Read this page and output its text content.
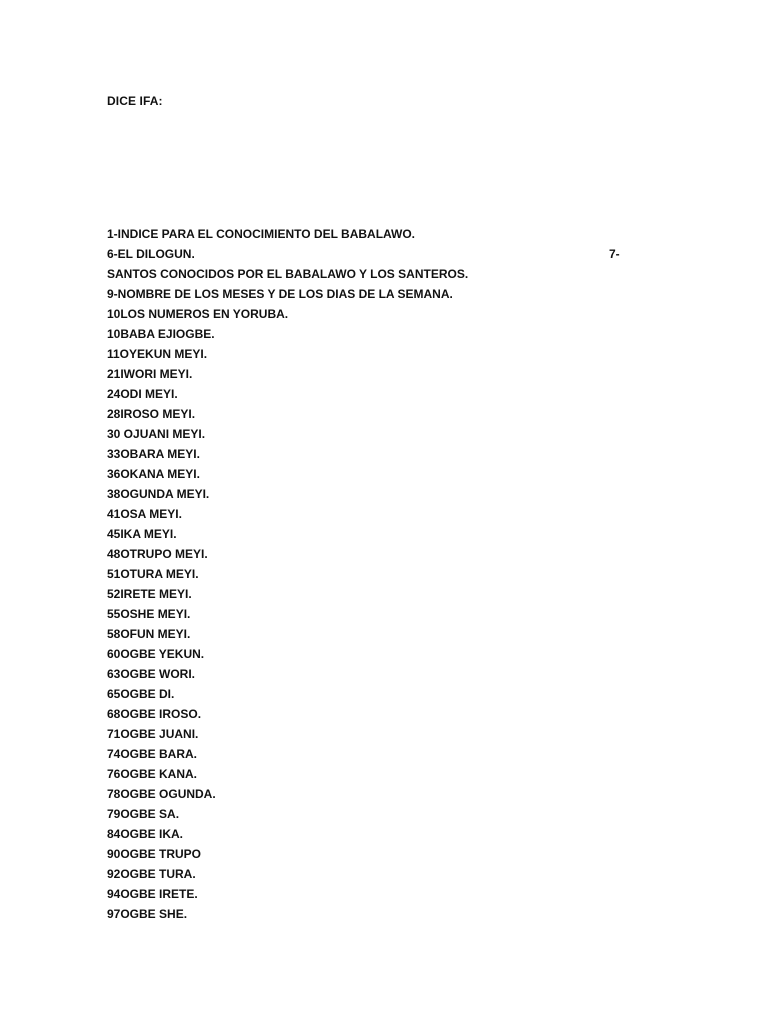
DICE IFA:

1-INDICE PARA EL CONOCIMIENTO DEL BABALAWO.
6-EL DILOGUN.	7-
SANTOS CONOCIDOS POR EL BABALAWO Y LOS SANTEROS.
9-NOMBRE DE LOS MESES Y DE LOS DIAS DE LA SEMANA.
10LOS NUMEROS EN YORUBA.
10BABA EJIOGBE.
11OYEKUN MEYI.
21IWORI MEYI.
24ODI MEYI.
28IROSO MEYI.
30 OJUANI MEYI.
33OBARA MEYI.
36OKANA MEYI.
38OGUNDA MEYI.
41OSA MEYI.
45IKA MEYI.
48OTRUPO MEYI.
51OTURA MEYI.
52IRETE MEYI.
55OSHE MEYI.
58OFUN MEYI.
60OGBE YEKUN.
63OGBE WORI.
65OGBE DI.
68OGBE IROSO.
71OGBE JUANI.
74OGBE BARA.
76OGBE KANA.
78OGBE OGUNDA.
79OGBE SA.
84OGBE IKA.
90OGBE TRUPO
92OGBE TURA.
94OGBE IRETE.
97OGBE SHE.
